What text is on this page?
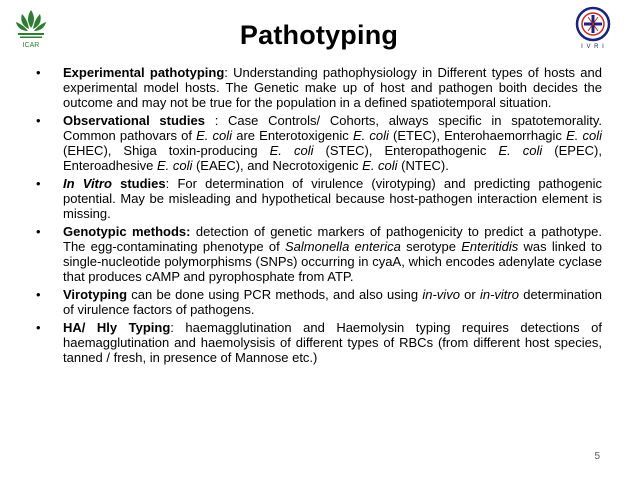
ICAR	I V R I
Pathotyping
• Experimental pathotyping: Understanding pathophysiology in Different types of hosts and experimental model hosts. The Genetic make up of host and pathogen boith decides the outcome and may not be true for the population in a defined spatiotemporal situation.
• Observational studies : Case Controls/ Cohorts, always specific in spatotemorality. Common pathovars of E. coli are Enterotoxigenic E. coli (ETEC), Enterohaemorrhagic E. coli (EHEC), Shiga toxin-producing E. coli (STEC), Enteropathogenic E. coli (EPEC), Enteroadhesive E. coli (EAEC), and Necrotoxigenic E. coli (NTEC).
• In Vitro studies: For determination of virulence (virotyping) and predicting pathogenic potential. May be misleading and hypothetical because host-pathogen interaction element is missing.
• Genotypic methods: detection of genetic markers of pathogenicity to predict a pathotype. The egg-contaminating phenotype of Salmonella enterica serotype Enteritidis was linked to single-nucleotide polymorphisms (SNPs) occurring in cyaA, which encodes adenylate cyclase that produces cAMP and pyrophosphate from ATP.
• Virotyping can be done using PCR methods, and also using in-vivo or in-vitro determination of virulence factors of pathogens.
• HA/ Hly Typing: haemagglutination and Haemolysin typing requires detections of haemagglutination and haemolysisis of different types of RBCs (from different host species, tanned / fresh, in presence of Mannose etc.)
5
